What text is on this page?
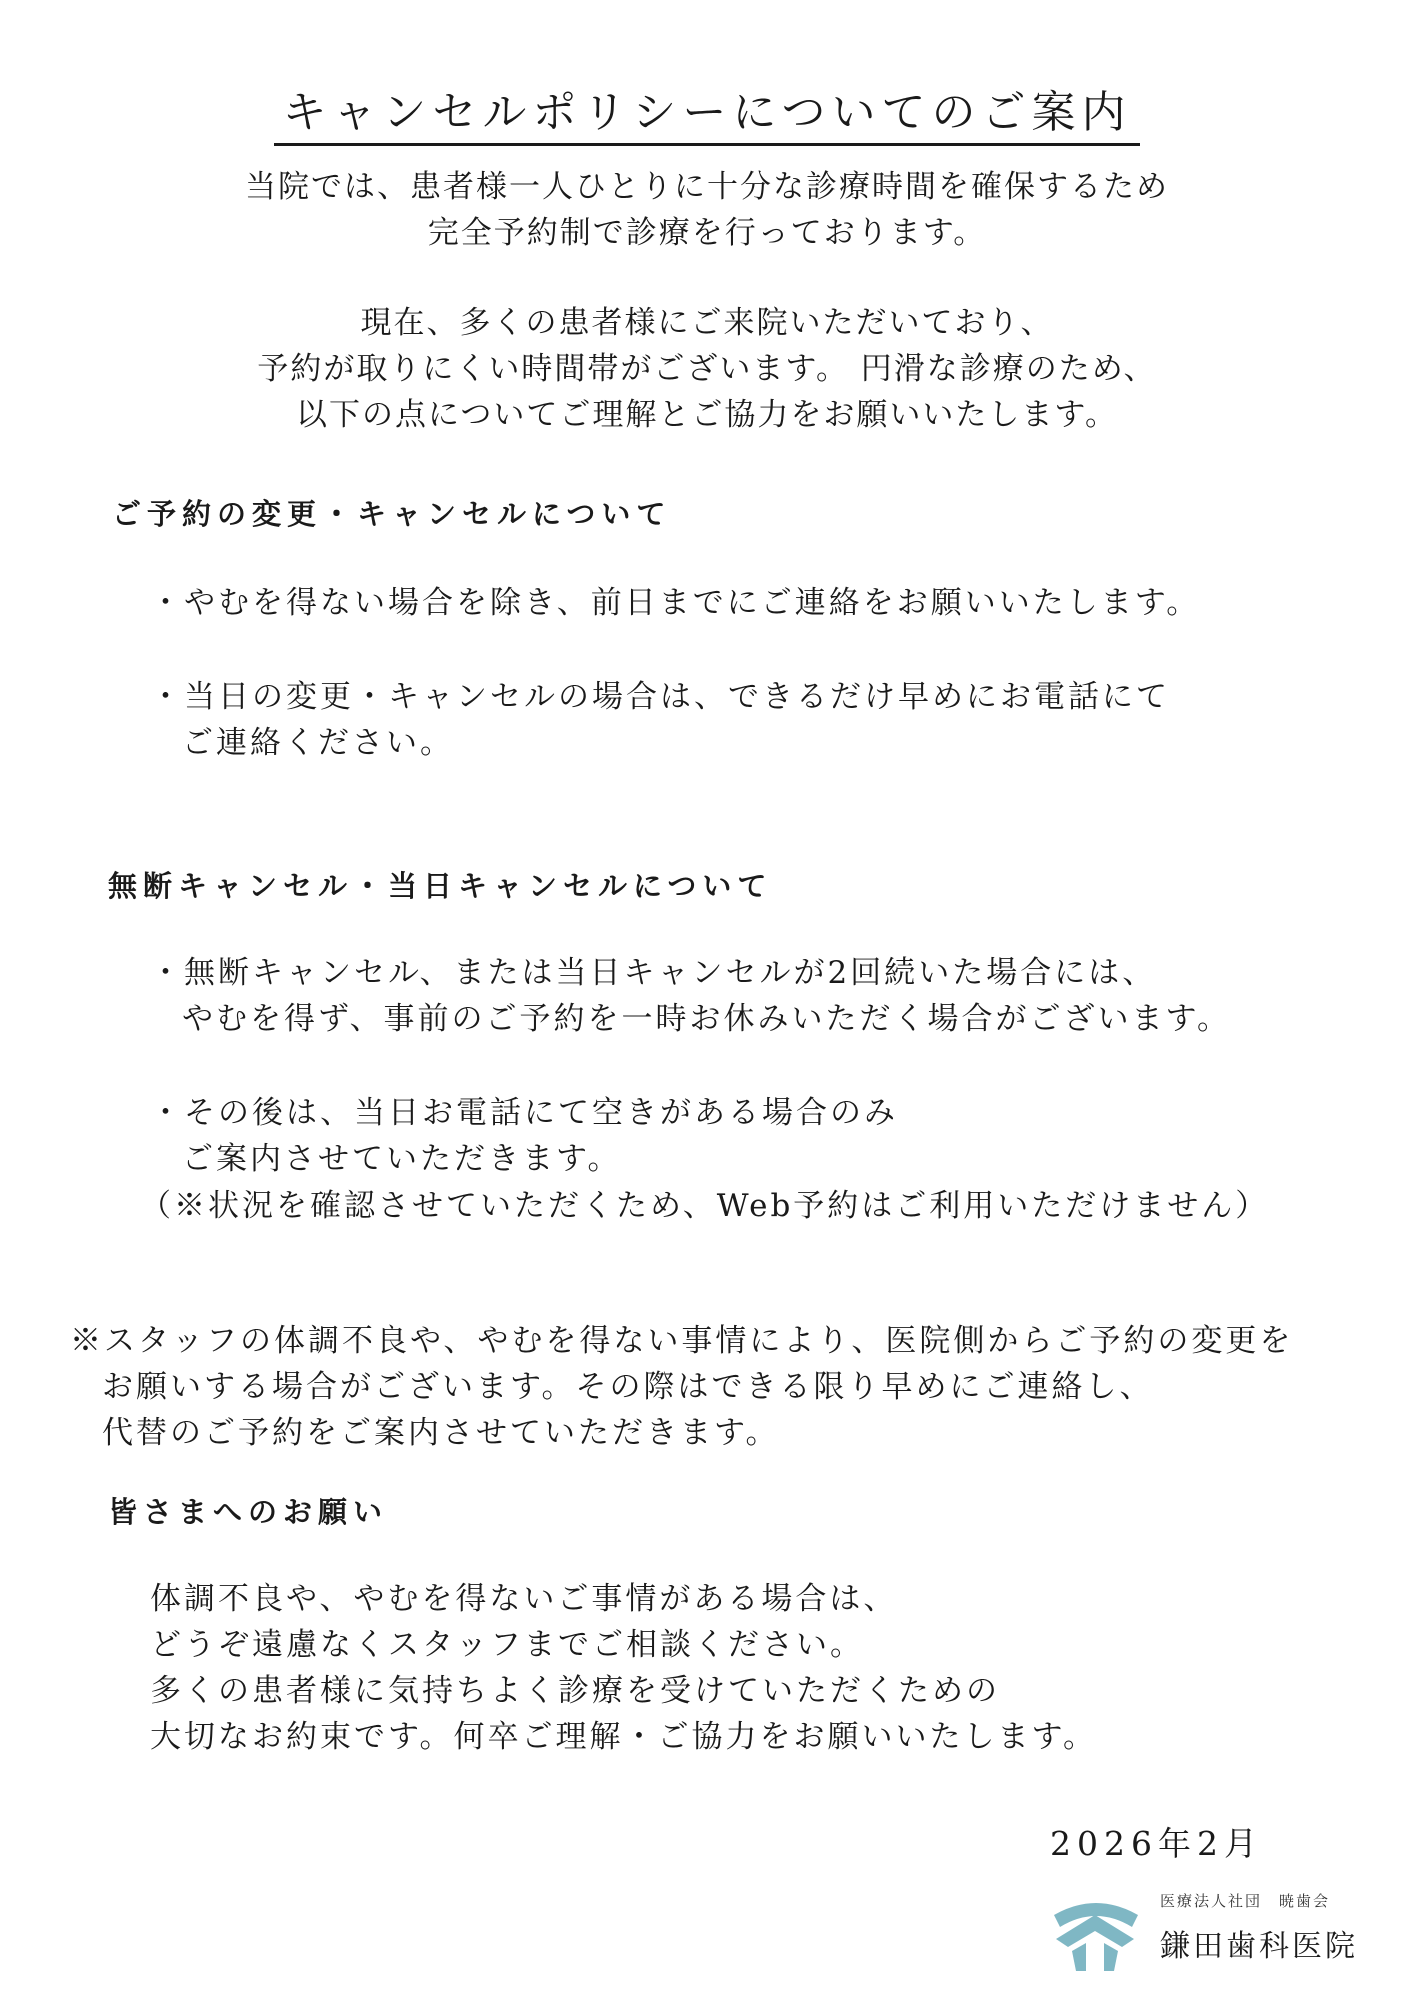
キャンセルポリシーについてのご案内

当院では、患者様一人ひとりに十分な診療時間を確保するため

完全予約制で診療を行っております。

現在、多くの患者様にご来院いただいており、

予約が取りにくい時間帯がございます。 円滑な診療のため、

以下の点についてご理解とご協力をお願いいたします。

ご予約の変更・キャンセルについて

・やむを得ない場合を除き、前日までにご連絡をお願いいたします。

・当日の変更・キャンセルの場合は、できるだけ早めにお電話にて

ご連絡ください。

無断キャンセル・当日キャンセルについて

・無断キャンセル、または当日キャンセルが2回続いた場合には、

やむを得ず、事前のご予約を一時お休みいただく場合がございます。

・その後は、当日お電話にて空きがある場合のみ

ご案内させていただきます。

（※状況を確認させていただくため、Web予約はご利用いただけません）

※スタッフの体調不良や、やむを得ない事情により、医院側からご予約の変更を

お願いする場合がございます。その際はできる限り早めにご連絡し、

代替のご予約をご案内させていただきます。

皆さまへのお願い

体調不良や、やむを得ないご事情がある場合は、

どうぞ遠慮なくスタッフまでご相談ください。

多くの患者様に気持ちよく診療を受けていただくための

大切なお約束です。何卒ご理解・ご協力をお願いいたします。

2026年2月
医療法人社団　暁歯会
鎌田歯科医院
